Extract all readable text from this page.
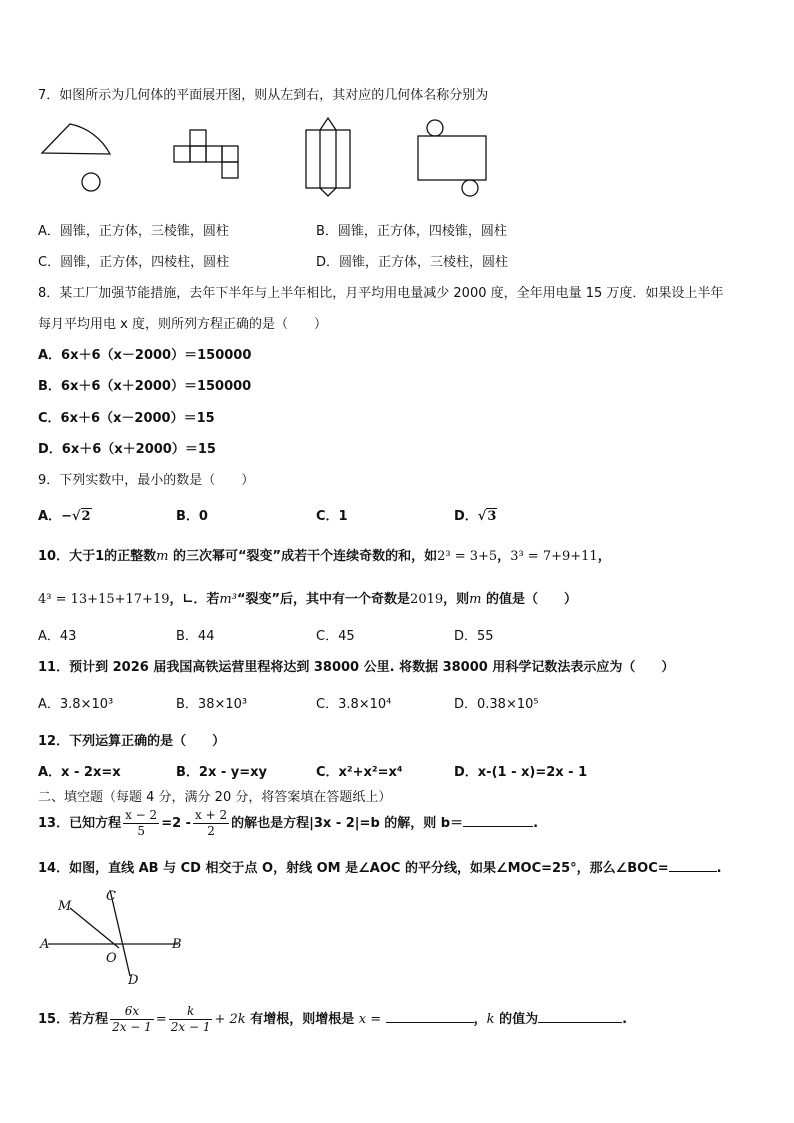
7．如图所示为几何体的平面展开图，则从左到右，其对应的几何体名称分别为
A．圆锥，正方体，三棱锥，圆柱	B．圆锥，正方体，四棱锥，圆柱
C．圆锥，正方体，四棱柱，圆柱	D．圆锥，正方体，三棱柱，圆柱
8．某工厂加强节能措施，去年下半年与上半年相比，月平均用电量减少 2000 度，全年用电量 15 万度．如果设上半年
每月平均用电 x 度，则所列方程正确的是（　　）
A．6x＋6（x－2000）＝150000
B．6x＋6（x＋2000）＝150000
C．6x＋6（x－2000）＝15
D．6x＋6（x＋2000）＝15
9．下列实数中，最小的数是（　　）
A．−√2	B．0	C．1	D．√3
10．大于1的正整数m 的三次幂可“裂变”成若干个连续奇数的和，如2³ = 3+5，3³ = 7+9+11，
4³ = 13+15+17+19，∟．若m³“裂变”后，其中有一个奇数是2019，则m 的值是（　　）
A．43	B．44	C．45	D．55
11．预计到 2026 届我国高铁运营里程将达到 38000 公里. 将数据 38000 用科学记数法表示应为（　　）
A．3.8×10³	B．38×10³	C．3.8×10⁴	D．0.38×10⁵
12．下列运算正确的是（　　）
A．x - 2x=x	B．2x - y=xy	C．x²+x²=x⁴	D．x-(1 - x)=2x - 1
二、填空题（每题 4 分，满分 20 分，将答案填在答题纸上）
13．已知方程 $\frac{x - 2}{5} =2 - \frac{x + 2}{2}$ 的解也是方程|3x - 2|=b 的解，则 b＝	.
14．如图，直线 AB 与 CD 相交于点 O，射线 OM 是∠AOC 的平分线，如果∠MOC=25°，那么∠BOC=	.
M
C
A	B
O
D
15．若方程 $\frac{6x}{2x - 1} = \frac{k}{2x - 1} + 2k$ 有增根，则增根是 x =	，k 的值为	.
